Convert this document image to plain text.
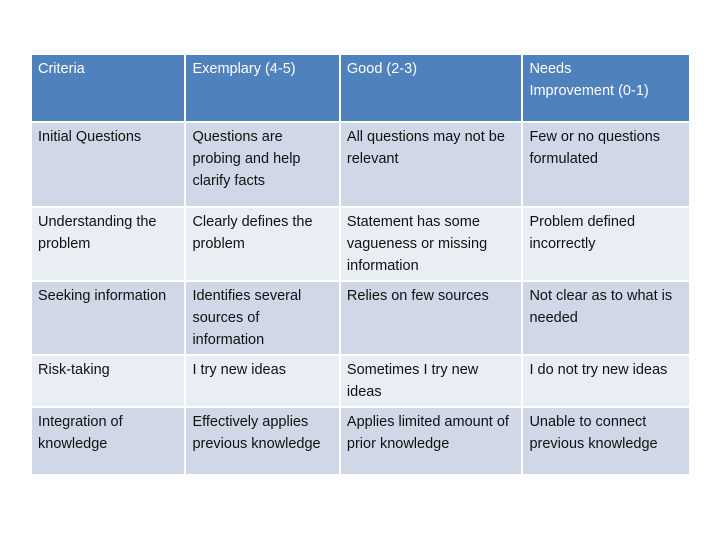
Criteria	Exemplary (4-5)	Good (2-3)	Needs Improvement (0-1)
Initial Questions	Questions are probing and help clarify facts	All questions may not be relevant	Few or no questions formulated
Understanding the problem	Clearly defines the problem	Statement has some vagueness or missing information	Problem defined incorrectly
Seeking information	Identifies several sources of information	Relies on few sources	Not clear as to what is needed
Risk-taking	I try new ideas	Sometimes I try new ideas	I do not try new ideas
Integration of knowledge	Effectively applies previous knowledge	Applies limited amount of prior knowledge	Unable to connect previous knowledge
